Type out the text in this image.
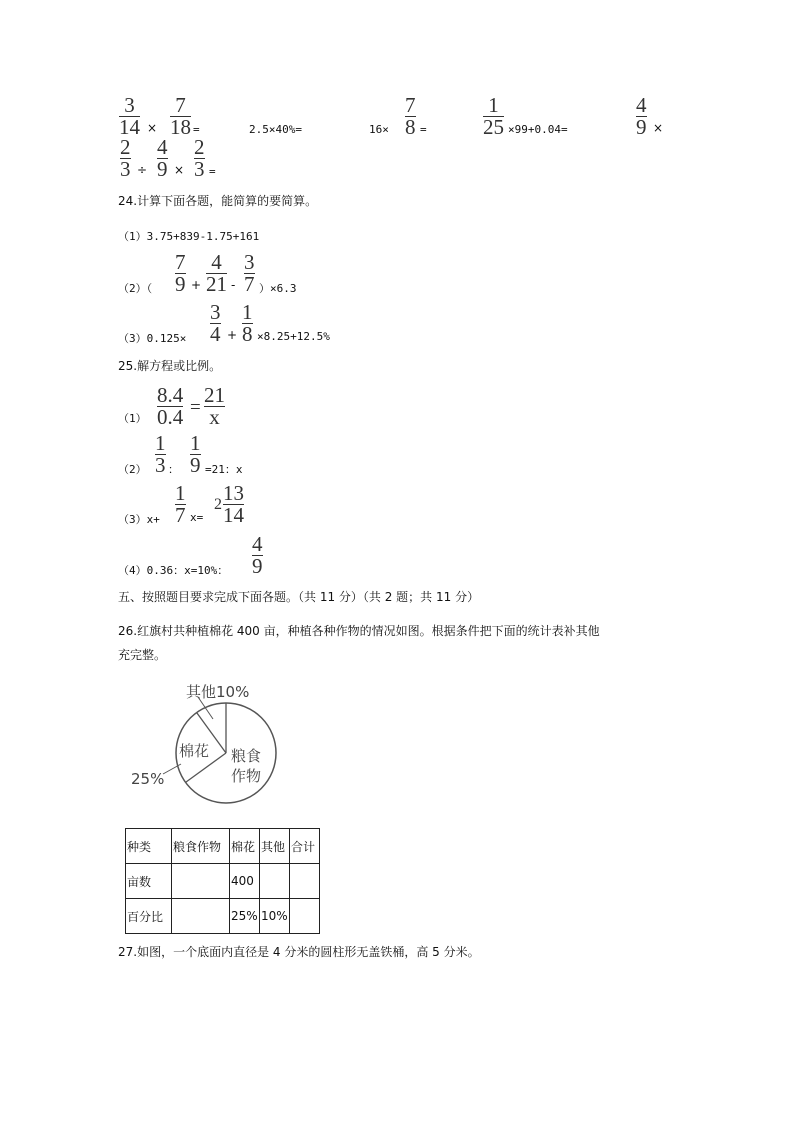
3
14 ×
7
18 =	2.5×40%=	16×
7
8 =
1
25 ×99+0.04=
4
9 ×
2
3 ÷
4
9 ×
2
3 =
24.计算下面各题，能简算的要简算。
（1）3.75+839-1.75+161
（2）（
7
9 +
4
21 -
3
7 ）×6.3
（3）0.125×
3
4 +
1
8 ×8.25+12.5%
25.解方程或比例。
（1）
8.4
0.4 =
21
x
（2）
1
3 ：
1
9 =21：x
（3）x+
1
7 x=
2 13
14
（4）0.36：x=10%：
4
9
五、按照题目要求完成下面各题。（共 11 分）（共 2 题；共 11 分）
26.红旗村共种植棉花 400 亩，种植各种作物的情况如图。根据条件把下面的统计表补其他
充完整。
其他10%
棉花 粮食
作物
25%
种类	粮食作物	棉花	其他	合计
亩数		400		
百分比		25%	10%	
27.如图，一个底面内直径是 4 分米的圆柱形无盖铁桶，高 5 分米。
